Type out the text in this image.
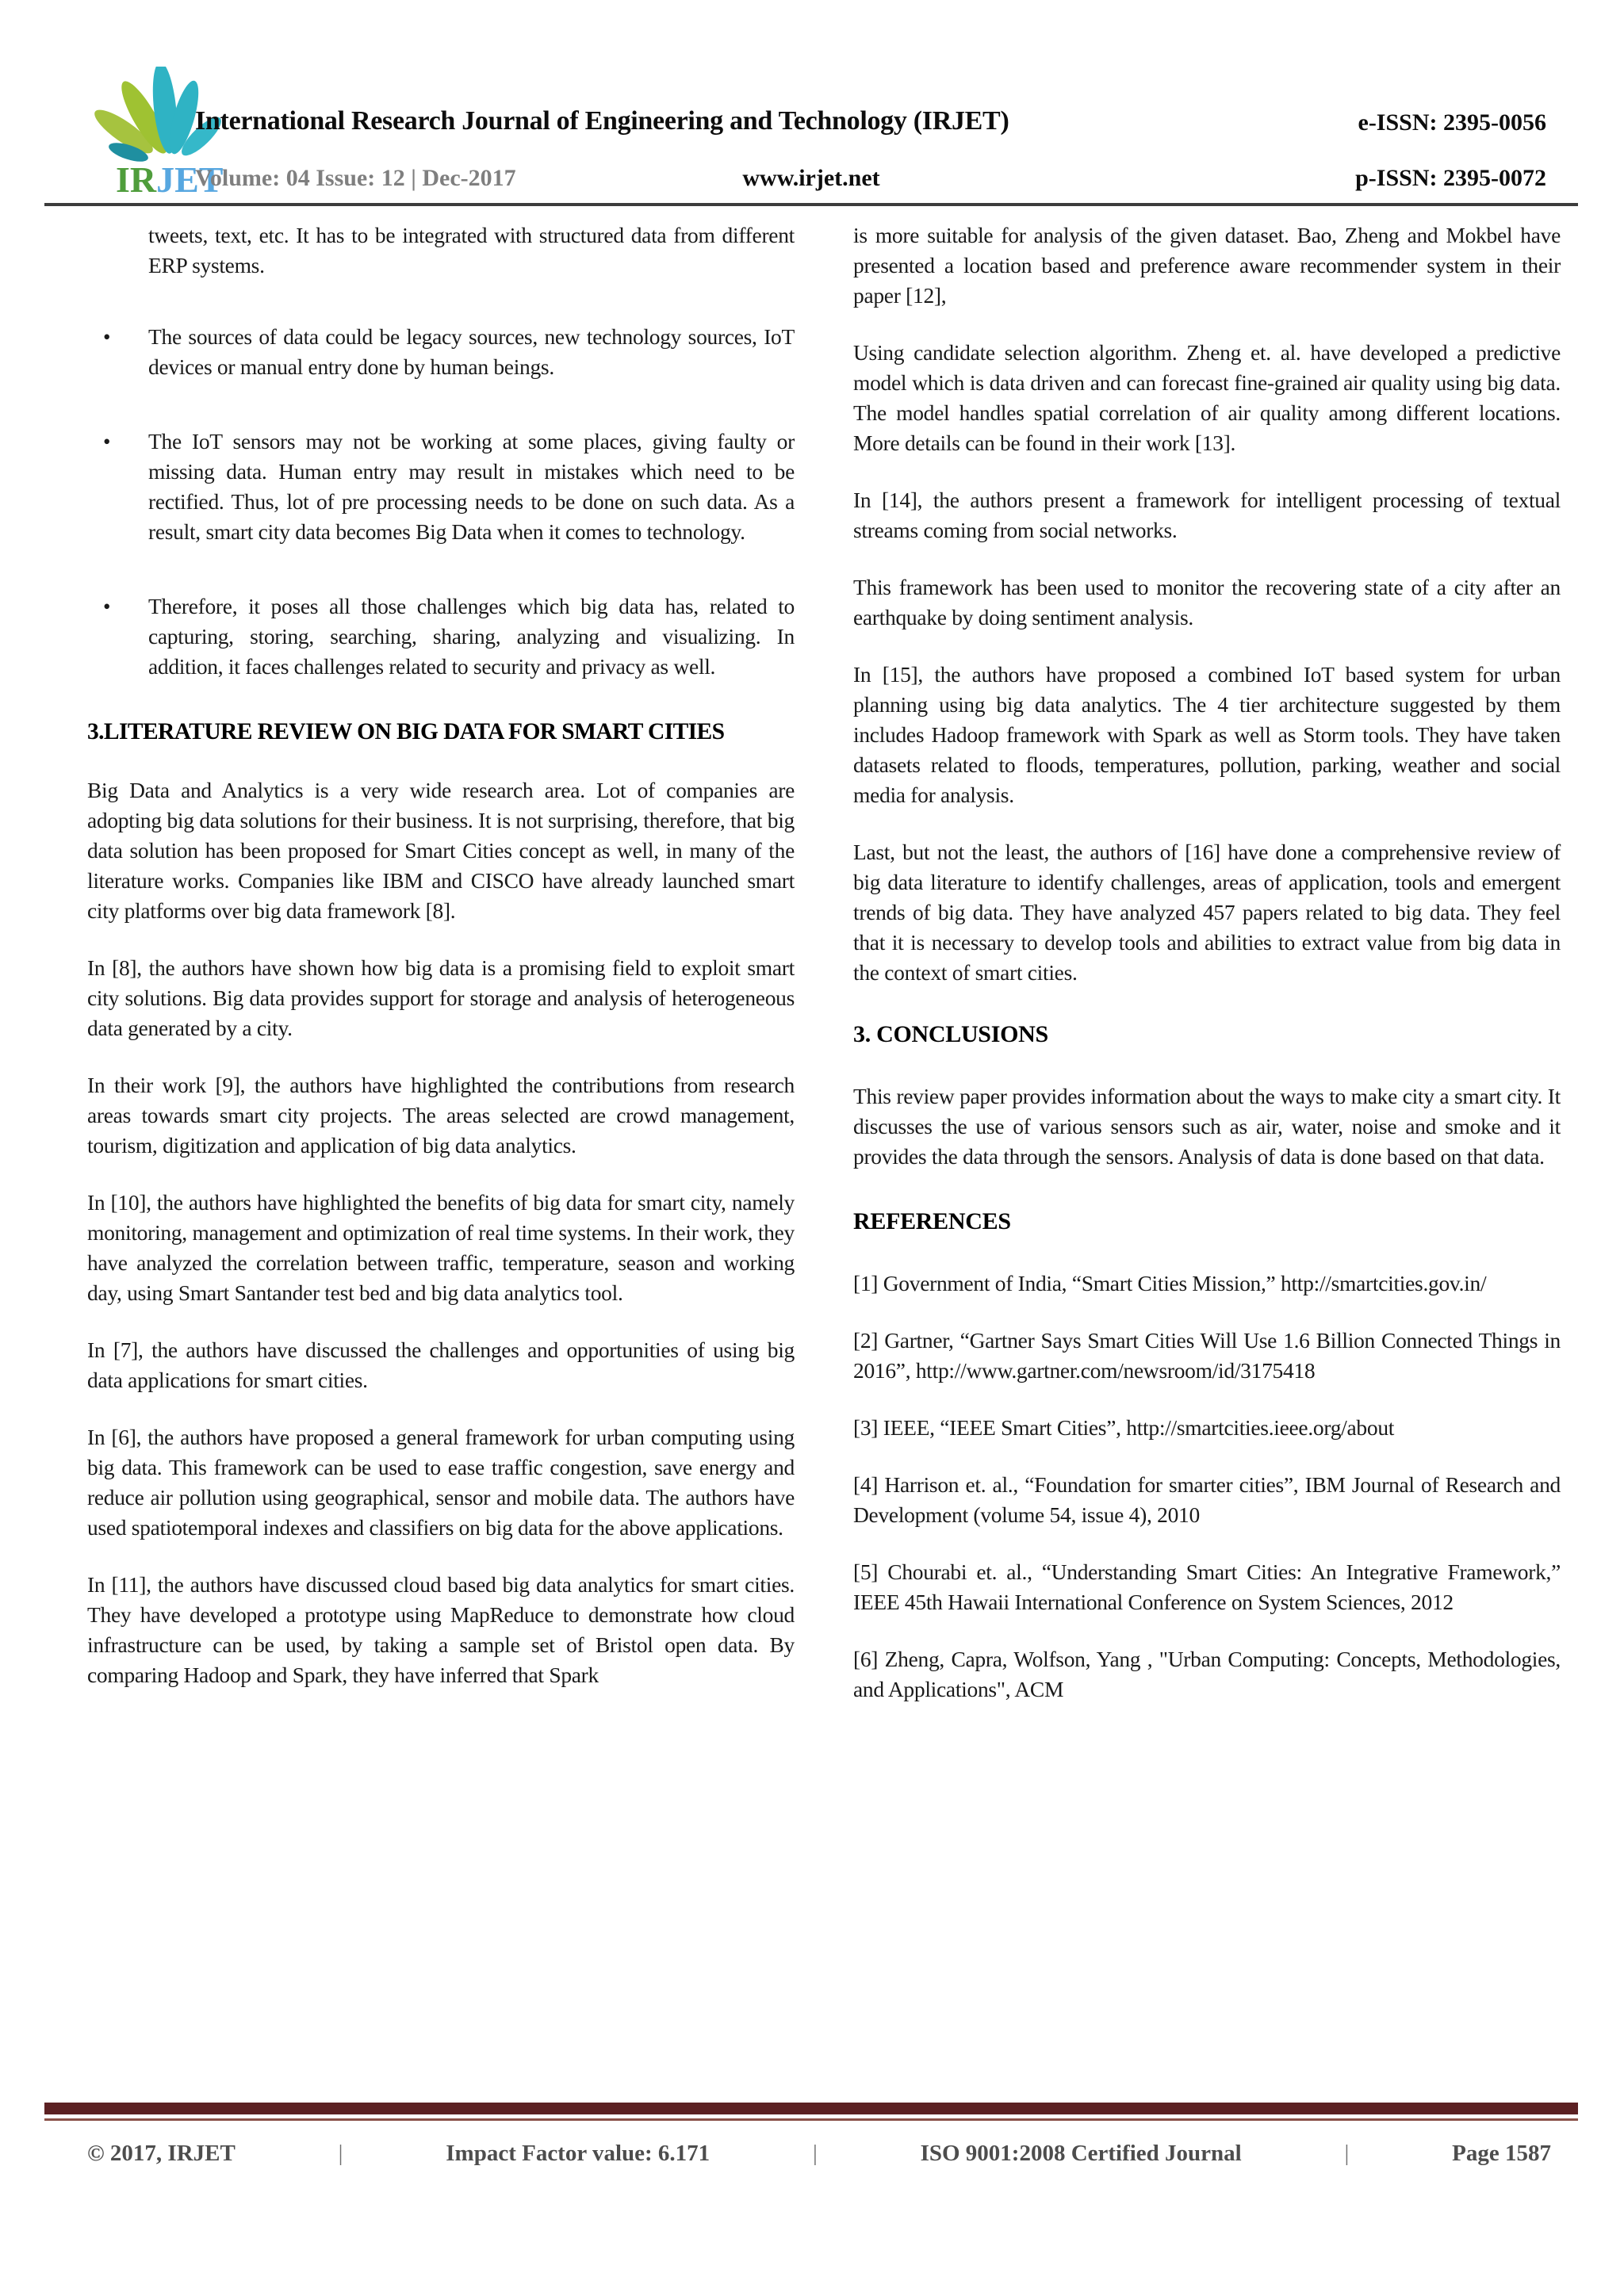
IRJET
International Research Journal of Engineering and Technology (IRJET)	e-ISSN: 2395-0056
www.irjet.net
Volume: 04 Issue: 12 | Dec-2017	p-ISSN: 2395-0072
tweets, text, etc. It has to be integrated with structured data from different ERP systems.
• The sources of data could be legacy sources, new technology sources, IoT devices or manual entry done by human beings.
• The IoT sensors may not be working at some places, giving faulty or missing data. Human entry may result in mistakes which need to be rectified. Thus, lot of pre processing needs to be done on such data. As a result, smart city data becomes Big Data when it comes to technology.
• Therefore, it poses all those challenges which big data has, related to capturing, storing, searching, sharing, analyzing and visualizing. In addition, it faces challenges related to security and privacy as well.
3.LITERATURE REVIEW ON BIG DATA FOR SMART CITIES
Big Data and Analytics is a very wide research area. Lot of companies are adopting big data solutions for their business. It is not surprising, therefore, that big data solution has been proposed for Smart Cities concept as well, in many of the literature works. Companies like IBM and CISCO have already launched smart city platforms over big data framework [8].
In [8], the authors have shown how big data is a promising field to exploit smart city solutions. Big data provides support for storage and analysis of heterogeneous data generated by a city.
In their work [9], the authors have highlighted the contributions from research areas towards smart city projects. The areas selected are crowd management, tourism, digitization and application of big data analytics.
In [10], the authors have highlighted the benefits of big data for smart city, namely monitoring, management and optimization of real time systems. In their work, they have analyzed the correlation between traffic, temperature, season and working day, using Smart Santander test bed and big data analytics tool.
In [7], the authors have discussed the challenges and opportunities of using big data applications for smart cities.
In [6], the authors have proposed a general framework for urban computing using big data. This framework can be used to ease traffic congestion, save energy and reduce air pollution using geographical, sensor and mobile data. The authors have used spatiotemporal indexes and classifiers on big data for the above applications.
In [11], the authors have discussed cloud based big data analytics for smart cities. They have developed a prototype using MapReduce to demonstrate how cloud infrastructure can be used, by taking a sample set of Bristol open data. By comparing Hadoop and Spark, they have inferred that Spark
is more suitable for analysis of the given dataset. Bao, Zheng and Mokbel have presented a location based and preference aware recommender system in their paper [12],
Using candidate selection algorithm. Zheng et. al. have developed a predictive model which is data driven and can forecast fine-grained air quality using big data. The model handles spatial correlation of air quality among different locations. More details can be found in their work [13].
In [14], the authors present a framework for intelligent processing of textual streams coming from social networks.
This framework has been used to monitor the recovering state of a city after an earthquake by doing sentiment analysis.
In [15], the authors have proposed a combined IoT based system for urban planning using big data analytics. The 4 tier architecture suggested by them includes Hadoop framework with Spark as well as Storm tools. They have taken datasets related to floods, temperatures, pollution, parking, weather and social media for analysis.
Last, but not the least, the authors of [16] have done a comprehensive review of big data literature to identify challenges, areas of application, tools and emergent trends of big data. They have analyzed 457 papers related to big data. They feel that it is necessary to develop tools and abilities to extract value from big data in the context of smart cities.
3. CONCLUSIONS
This review paper provides information about the ways to make city a smart city. It discusses the use of various sensors such as air, water, noise and smoke and it provides the data through the sensors. Analysis of data is done based on that data.
REFERENCES
[1] Government of India, “Smart Cities Mission,” http://smartcities.gov.in/
[2] Gartner, “Gartner Says Smart Cities Will Use 1.6 Billion Connected Things in 2016”, http://www.gartner.com/newsroom/id/3175418
[3] IEEE, “IEEE Smart Cities”, http://smartcities.ieee.org/about
[4] Harrison et. al., “Foundation for smarter cities”, IBM Journal of Research and Development (volume 54, issue 4), 2010
[5] Chourabi et. al., “Understanding Smart Cities: An Integrative Framework,” IEEE 45th Hawaii International Conference on System Sciences, 2012
[6] Zheng, Capra, Wolfson, Yang , "Urban Computing: Concepts, Methodologies, and Applications", ACM
© 2017, IRJET	|	Impact Factor value: 6.171	|	ISO 9001:2008 Certified Journal	|	Page 1587
